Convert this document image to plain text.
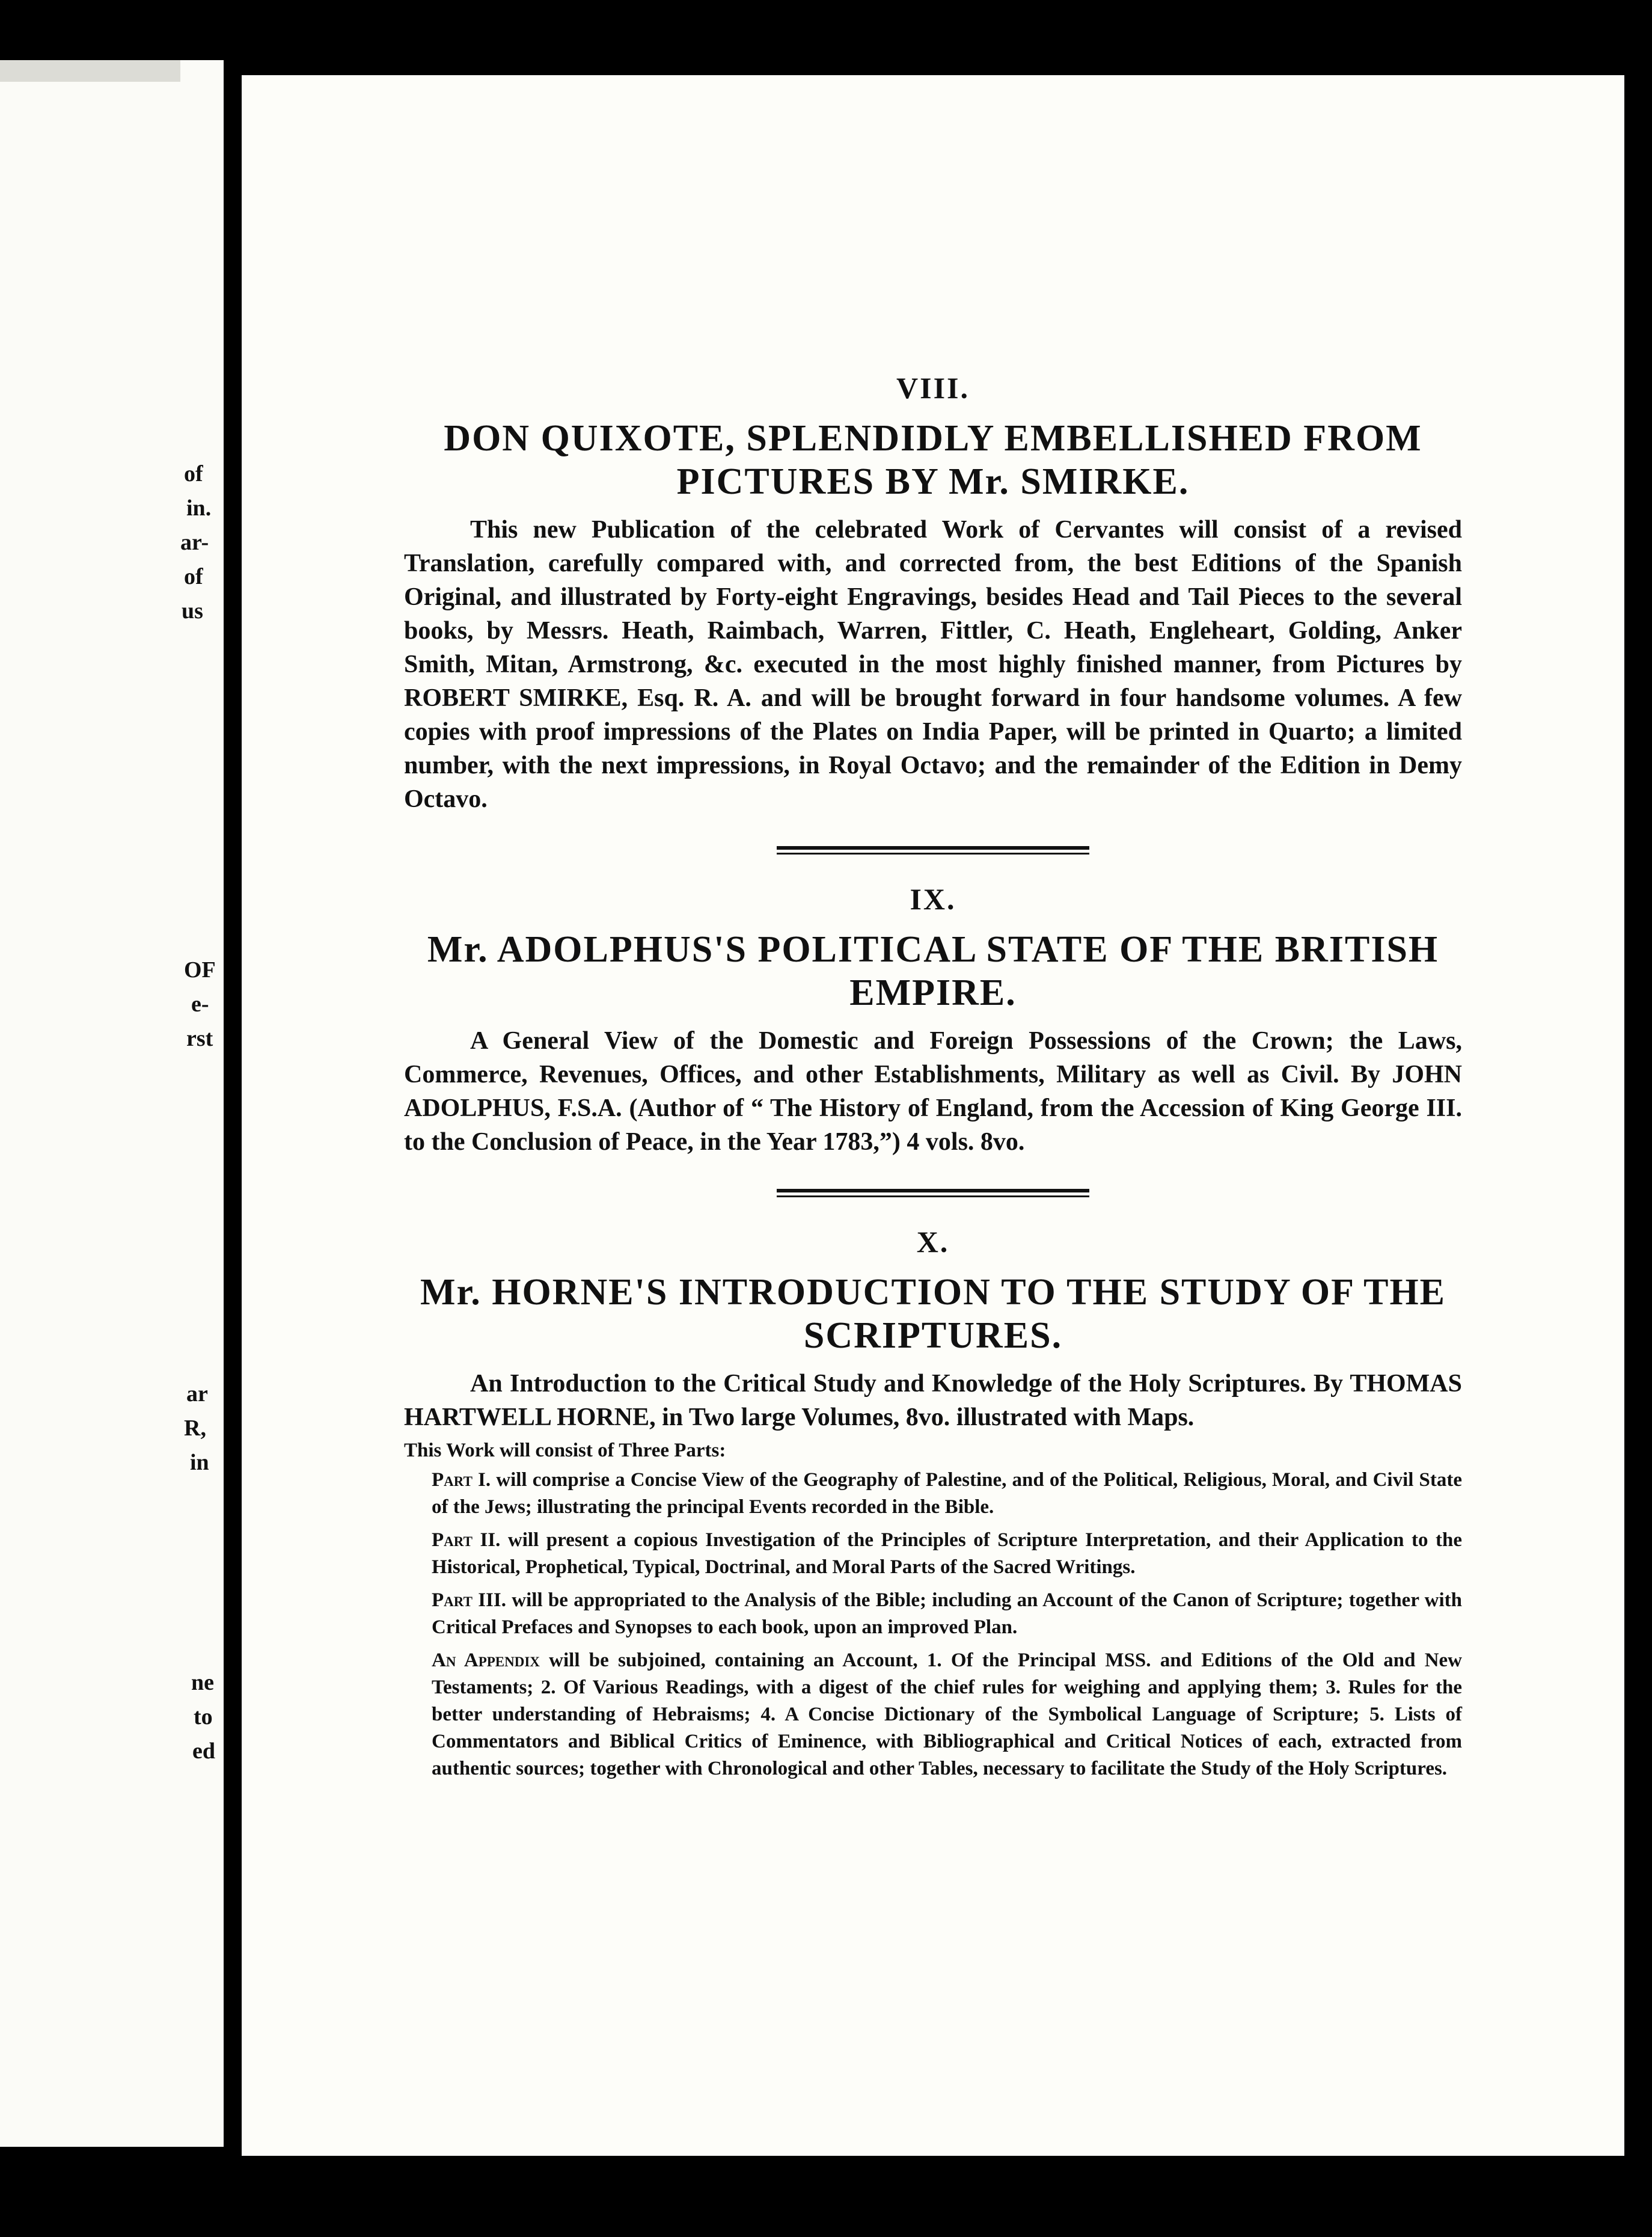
of
in.
ar-
of
us
OF
e-
rst
ar
R,
in
ne
to
ed

VIII.

DON QUIXOTE, SPLENDIDLY EMBELLISHED FROM PICTURES BY Mr. SMIRKE.

This new Publication of the celebrated Work of Cervantes will consist of a revised Translation, carefully compared with, and corrected from, the best Editions of the Spanish Original, and illustrated by Forty-eight Engravings, besides Head and Tail Pieces to the several books, by Messrs. Heath, Raimbach, Warren, Fittler, C. Heath, Engleheart, Golding, Anker Smith, Mitan, Armstrong, &c. executed in the most highly finished manner, from Pictures by ROBERT SMIRKE, Esq. R. A. and will be brought forward in four handsome volumes. A few copies with proof impressions of the Plates on India Paper, will be printed in Quarto; a limited number, with the next impressions, in Royal Octavo; and the remainder of the Edition in Demy Octavo.

IX.

Mr. ADOLPHUS'S POLITICAL STATE OF THE BRITISH EMPIRE.

A General View of the Domestic and Foreign Possessions of the Crown; the Laws, Commerce, Revenues, Offices, and other Establishments, Military as well as Civil. By JOHN ADOLPHUS, F.S.A. (Author of “ The History of England, from the Accession of King George III. to the Conclusion of Peace, in the Year 1783,”) 4 vols. 8vo.

X.

Mr. HORNE'S INTRODUCTION TO THE STUDY OF THE SCRIPTURES.

An Introduction to the Critical Study and Knowledge of the Holy Scriptures. By THOMAS HARTWELL HORNE, in Two large Volumes, 8vo. illustrated with Maps.

This Work will consist of Three Parts:

Part I. will comprise a Concise View of the Geography of Palestine, and of the Political, Religious, Moral, and Civil State of the Jews; illustrating the principal Events recorded in the Bible.

Part II. will present a copious Investigation of the Principles of Scripture Interpretation, and their Application to the Historical, Prophetical, Typical, Doctrinal, and Moral Parts of the Sacred Writings.

Part III. will be appropriated to the Analysis of the Bible; including an Account of the Canon of Scripture; together with Critical Prefaces and Synopses to each book, upon an improved Plan.

An Appendix will be subjoined, containing an Account, 1. Of the Principal MSS. and Editions of the Old and New Testaments; 2. Of Various Readings, with a digest of the chief rules for weighing and applying them; 3. Rules for the better understanding of Hebraisms; 4. A Concise Dictionary of the Symbolical Language of Scripture; 5. Lists of Commentators and Biblical Critics of Eminence, with Bibliographical and Critical Notices of each, extracted from authentic sources; together with Chronological and other Tables, necessary to facilitate the Study of the Holy Scriptures.
